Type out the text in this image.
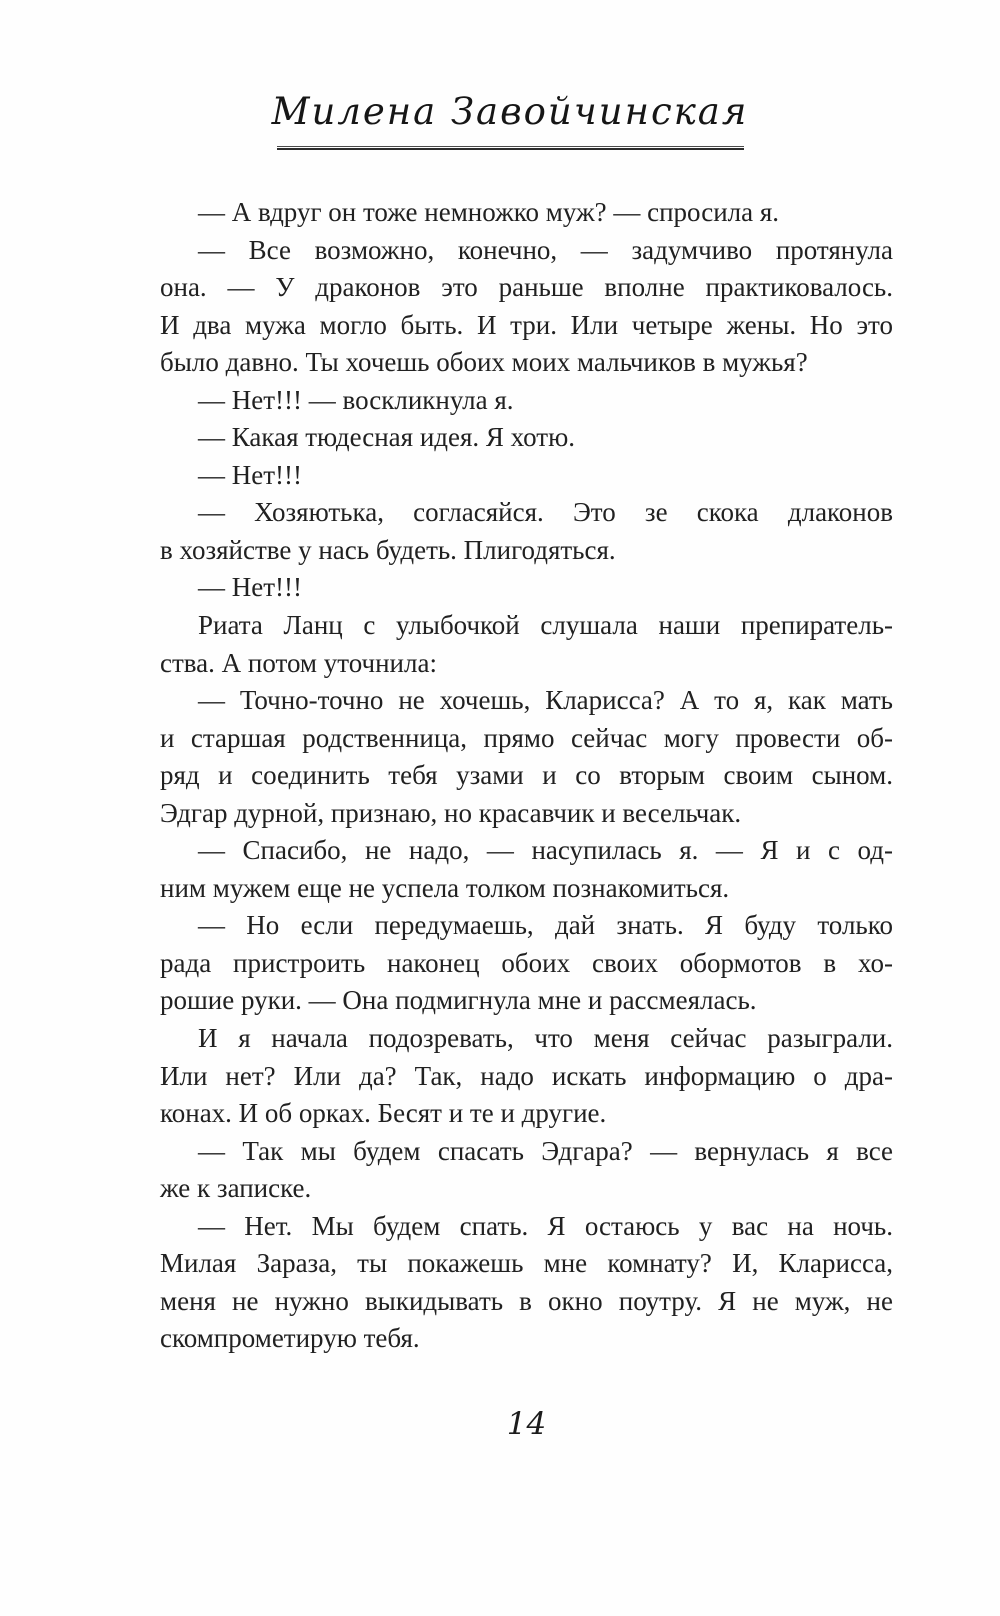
Милена Завойчинская
— А вдруг он тоже немножко муж? — спросила я.
— Все возможно, конечно, — задумчиво протянула
она. — У драконов это раньше вполне практиковалось.
И два мужа могло быть. И три. Или четыре жены. Но это
было давно. Ты хочешь обоих моих мальчиков в мужья?
— Нет!!! — воскликнула я.
— Какая тюдесная идея. Я хотю.
— Нет!!!
— Хозяютька, согласяйся. Это зе скока длаконов
в хозяйстве у нась будеть. Плигодяться.
— Нет!!!
Риата Ланц с улыбочкой слушала наши препиратель-
ства. А потом уточнила:
— Точно-точно не хочешь, Кларисса? А то я, как мать
и старшая родственница, прямо сейчас могу провести об-
ряд и соединить тебя узами и со вторым своим сыном.
Эдгар дурной, признаю, но красавчик и весельчак.
— Спасибо, не надо, — насупилась я. — Я и с од-
ним мужем еще не успела толком познакомиться.
— Но если передумаешь, дай знать. Я буду только
рада пристроить наконец обоих своих обормотов в хо-
рошие руки. — Она подмигнула мне и рассмеялась.
И я начала подозревать, что меня сейчас разыграли.
Или нет? Или да? Так, надо искать информацию о дра-
конах. И об орках. Бесят и те и другие.
— Так мы будем спасать Эдгара? — вернулась я все
же к записке.
— Нет. Мы будем спать. Я остаюсь у вас на ночь.
Милая Зараза, ты покажешь мне комнату? И, Кларисса,
меня не нужно выкидывать в окно поутру. Я не муж, не
скомпрометирую тебя.
14
